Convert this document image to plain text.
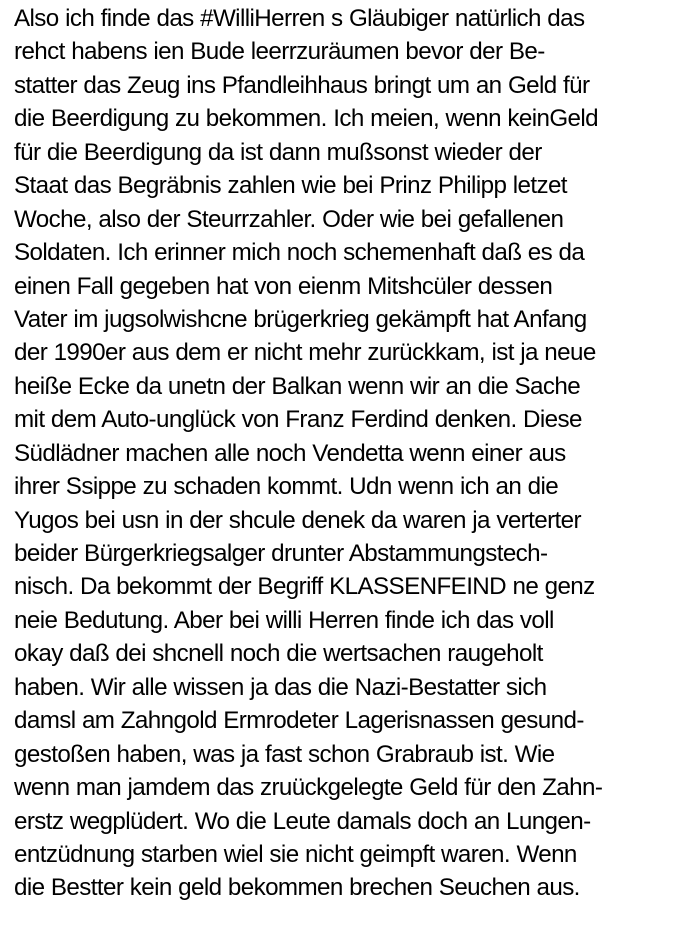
Also ich finde das #WilliHerren s Gläubiger natürlich das
rehct habens ien Bude leerrzuräumen bevor der Be-
statter das Zeug ins Pfandleihhaus bringt um an Geld für
die Beerdigung zu bekommen. Ich meien, wenn keinGeld
für die Beerdigung da ist dann mußsonst wieder der
Staat das Begräbnis zahlen wie bei Prinz Philipp letzet
Woche, also der Steurrzahler. Oder wie bei gefallenen
Soldaten. Ich erinner mich noch schemenhaft daß es da
einen Fall gegeben hat von eienm Mitshcüler dessen
Vater im jugsolwishcne brügerkrieg gekämpft hat Anfang
der 1990er aus dem er nicht mehr zurückkam, ist ja neue
heiße Ecke da unetn der Balkan wenn wir an die Sache
mit dem Auto-unglück von Franz Ferdind denken. Diese
Südlädner machen alle noch Vendetta wenn einer aus
ihrer Ssippe zu schaden kommt. Udn wenn ich an die
Yugos bei usn in der shcule denek da waren ja verterter
beider Bürgerkriegsalger drunter Abstammungstech-
nisch. Da bekommt der Begriff KLASSENFEIND ne genz
neie Bedutung. Aber bei willi Herren finde ich das voll
okay daß dei shcnell noch die wertsachen raugeholt
haben. Wir alle wissen ja das die Nazi-Bestatter sich
damsl am Zahngold Ermrodeter Lagerisnassen gesund-
gestoßen haben, was ja fast schon Grabraub ist. Wie
wenn man jamdem das zruückgelegte Geld für den Zahn-
erstz wegplüdert. Wo die Leute damals doch an Lungen-
entzüdnung starben wiel sie nicht geimpft waren. Wenn
die Bestter kein geld bekommen brechen Seuchen aus.
